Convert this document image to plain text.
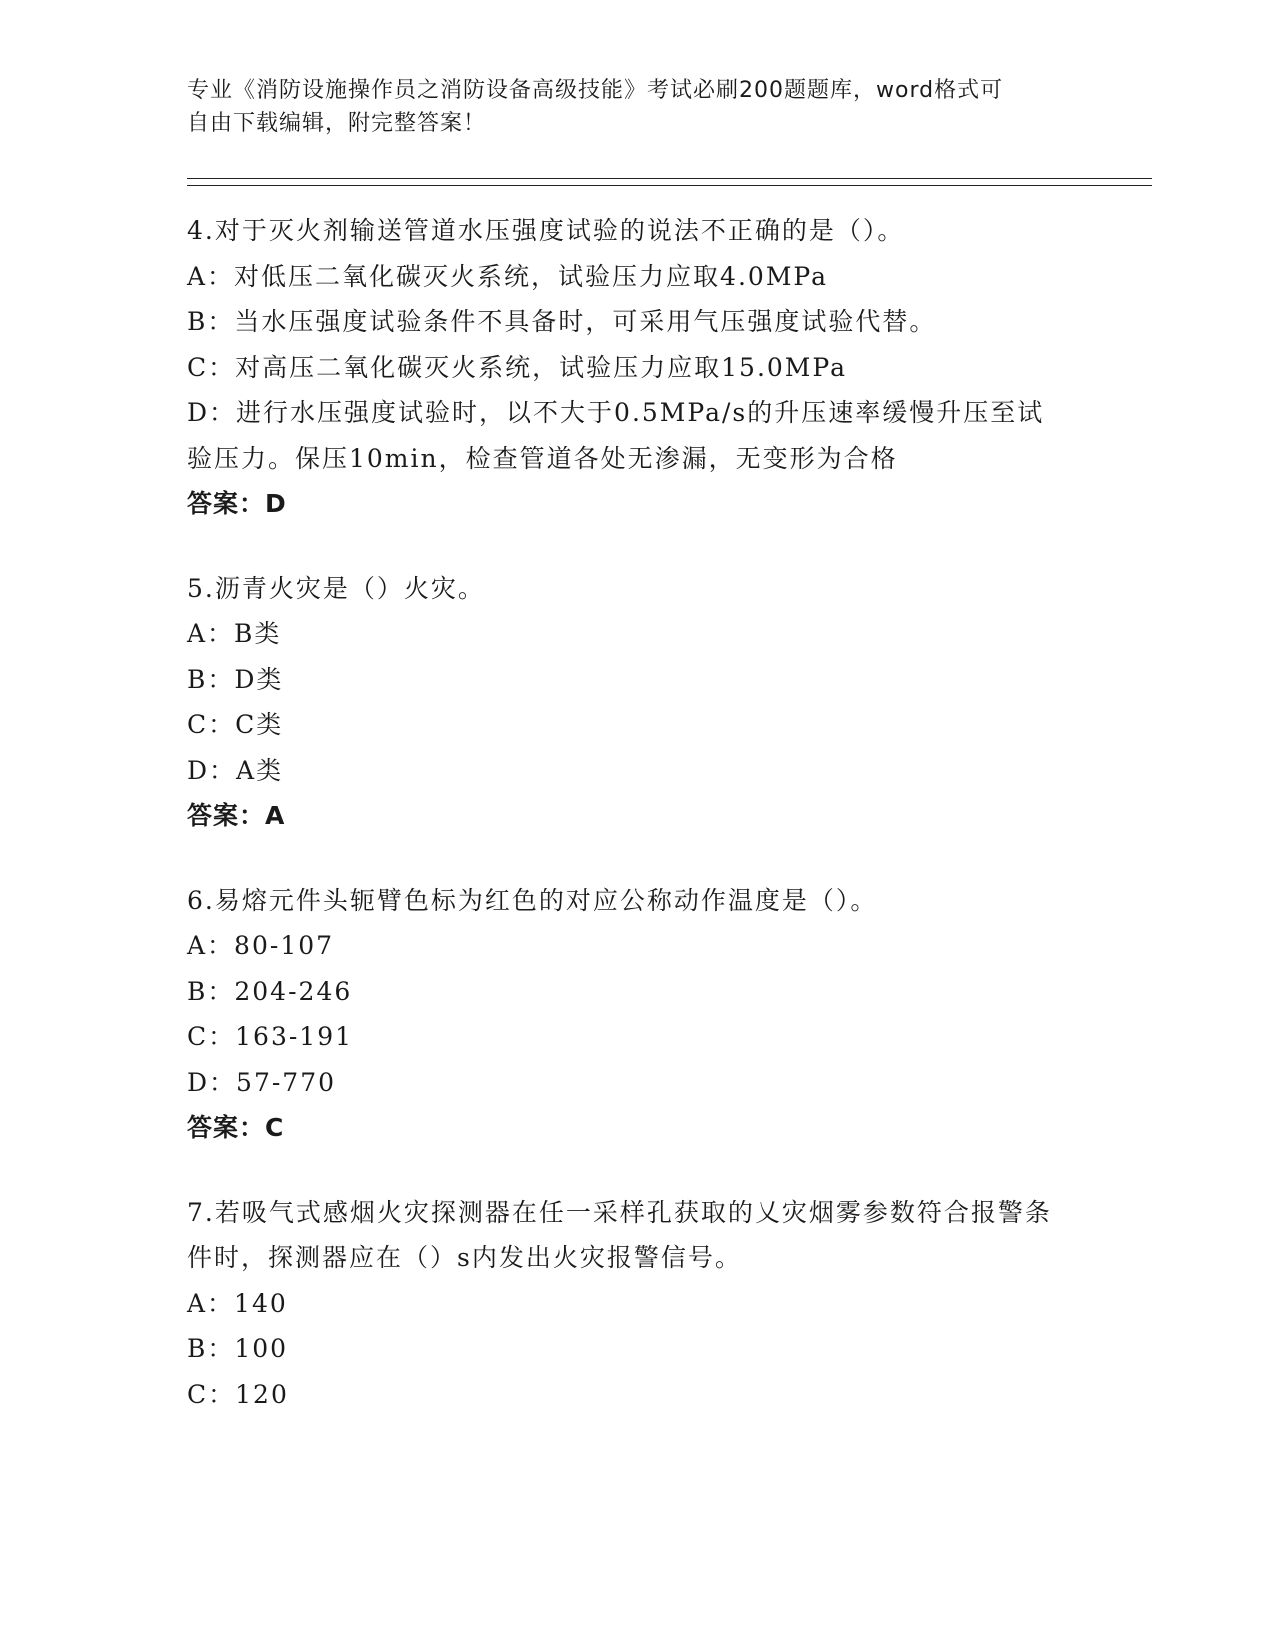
专业《消防设施操作员之消防设备高级技能》考试必刷200题题库，word格式可
自由下载编辑，附完整答案！
4.对于灭火剂输送管道水压强度试验的说法不正确的是（）。
A：对低压二氧化碳灭火系统，试验压力应取4.0MPa
B：当水压强度试验条件不具备时，可采用气压强度试验代替。
C：对高压二氧化碳灭火系统，试验压力应取15.0MPa
D：进行水压强度试验时，以不大于0.5MPa/s的升压速率缓慢升压至试验压力。保压10min，检查管道各处无渗漏，无变形为合格
答案：D
5.沥青火灾是（）火灾。
A：B类
B：D类
C：C类
D：A类
答案：A
6.易熔元件头轭臂色标为红色的对应公称动作温度是（）。
A：80-107
B：204-246
C：163-191
D：57-770
答案：C
7.若吸气式感烟火灾探测器在任一采样孔获取的乂灾烟雾参数符合报警条件时，探测器应在（）s内发出火灾报警信号。
A：140
B：100
C：120
